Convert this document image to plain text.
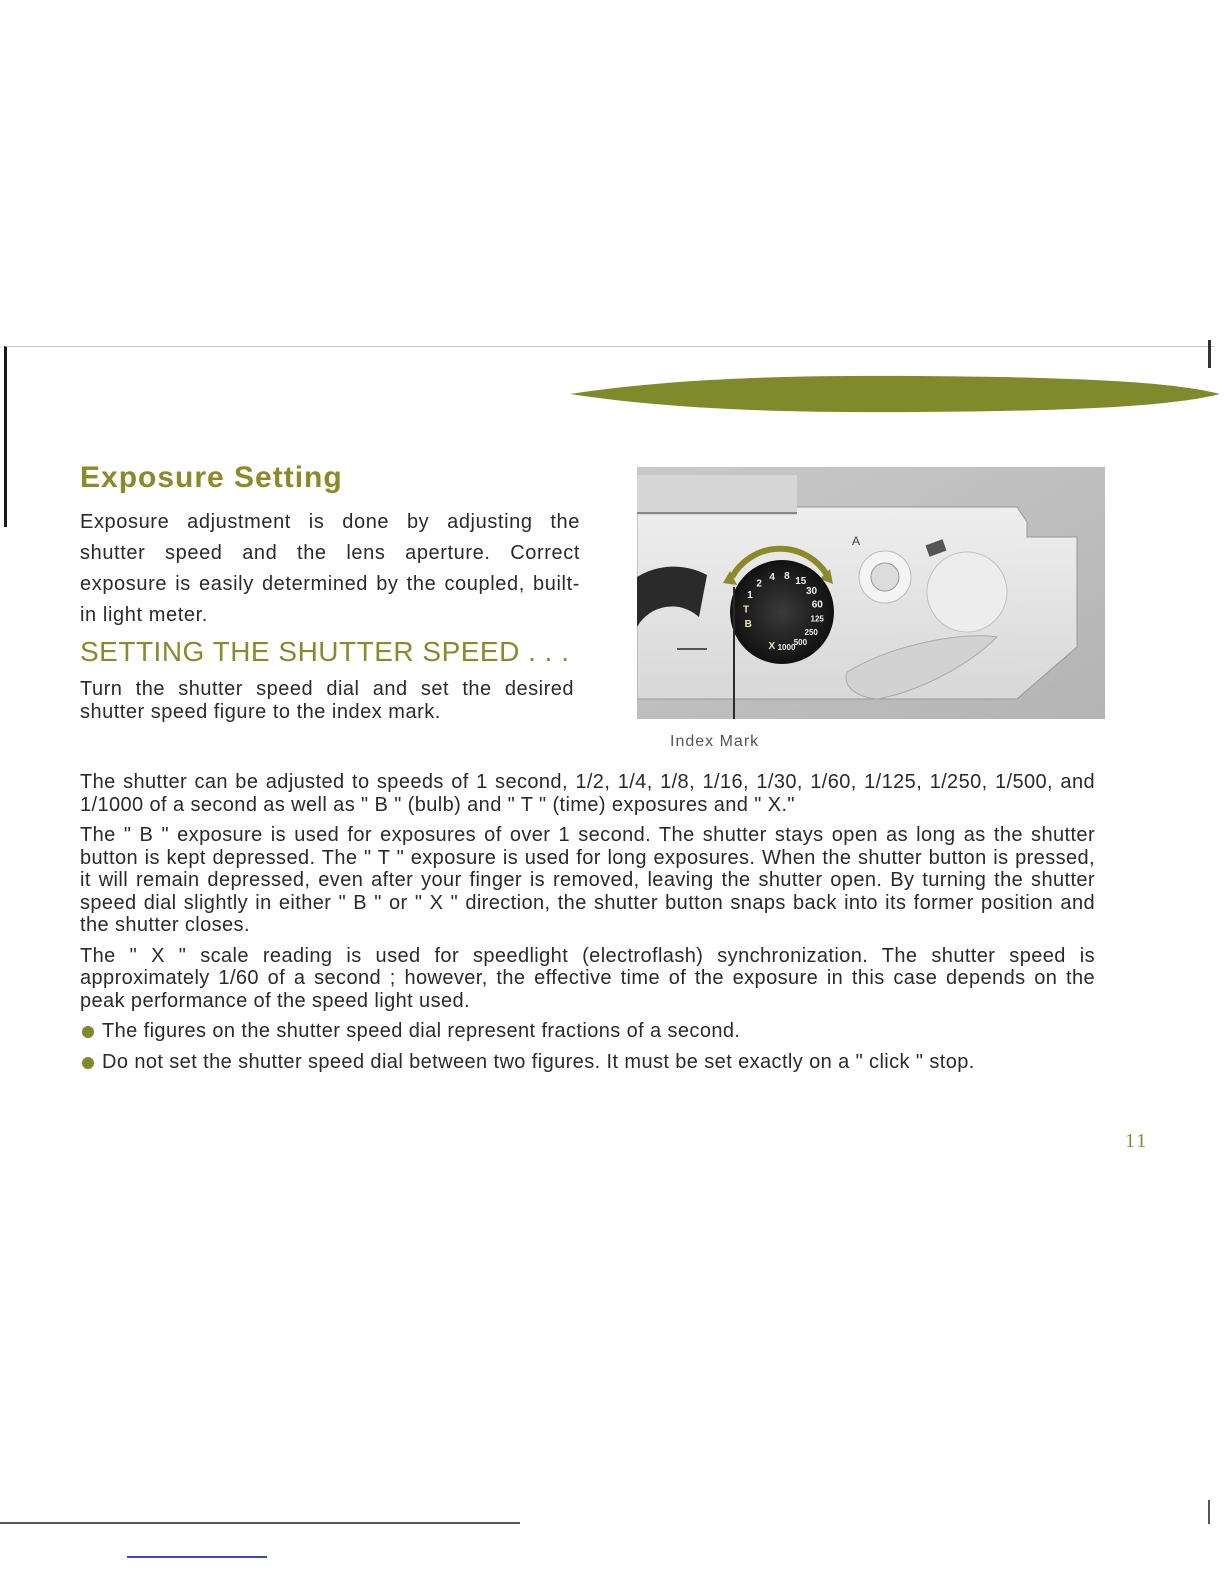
Exposure Setting

Exposure adjustment is done by adjusting the shutter speed and the lens aperture. Correct exposure is easily determined by the coupled, built-in light meter.

SETTING THE SHUTTER SPEED . . .

Turn the shutter speed dial and set the desired shutter speed figure to the index mark.

B
T
1
2
4 8 15
30
60
125
250
500
1000
X
A

Index Mark

The shutter can be adjusted to speeds of 1 second, 1/2, 1/4, 1/8, 1/16, 1/30, 1/60, 1/125, 1/250, 1/500, and 1/1000 of a second as well as " B " (bulb) and " T " (time) exposures and " X."

The " B " exposure is used for exposures of over 1 second. The shutter stays open as long as the shutter button is kept depressed. The " T " exposure is used for long exposures. When the shutter button is pressed, it will remain depressed, even after your finger is removed, leaving the shutter open. By turning the shutter speed dial slightly in either " B " or " X " direction, the shutter button snaps back into its former position and the shutter closes.

The " X " scale reading is used for speedlight (electroflash) synchronization. The shutter speed is approximately 1/60 of a second ; however, the effective time of the exposure in this case depends on the peak performance of the speed light used.

The figures on the shutter speed dial represent fractions of a second.
Do not set the shutter speed dial between two figures. It must be set exactly on a " click " stop.

11
